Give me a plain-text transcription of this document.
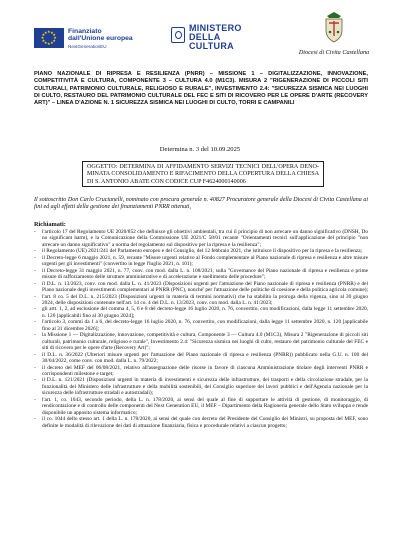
★
★
★
★
★
★
★
★
★ ★ ★
★ Finanziato
dall'Unione europea
NextGenerationEU
MINISTERO
DELLA
CULTURA
Diocesi di Civita Castellana
PIANO NAZIONALE DI RIPRESA E RESILIENZA (PNRR) – MISSIONE 1 – DIGITALIZZAZIONE, INNOVAZIONE, COMPETITIVITÀ E CULTURA, COMPONENTE 3 – CULTURA 4.0 (M1C3). MISURA 2 "RIGENERAZIONE DI PICCOLI SITI CULTURALI, PATRIMONIO CULTURALE, RELIGIOSO E RURALE", INVESTIMENTO 2.4: "SICUREZZA SISMICA NEI LUOGHI DI CULTO, RESTAURO DEL PATRIMONIO CULTURALE DEL FEC E SITI DI RICOVERO PER LE OPERE D'ARTE (RECOVERY ART)" – LINEA D'AZIONE N. 1 SICUREZZA SISMICA NEI LUOGHI DI CULTO, TORRI E CAMPANILI
Determina n. 3 del 10.09.2025
OGGETTO: DETERMINA DI AFFIDAMENTO SERVIZI TECNICI DELL'OPERA DENO-MINATA CONSOLIDAMENTO E RIFACIMENTO DELLA COPERTURA DELLA CHIESA DI S. ANTONIO ABATE CON CODICE CUP F4624000140006
Il sottoscritto Don Carlo Crucianelli, nominato con procura generale n. 40827 Procuratore generale della Diocesi di Civita Castellana ai fini ed agli effetti della gestione dei finanziamenti PNRR ottenuti,
Richiamati:
- l'articolo 17 del Regolamento UE 2020/852 che definisce gli obiettivi ambientali, tra cui il principio di non arrecare un danno significativo (DNSH, Do no significant harm), e la Comunicazione della Commissione UE 2021/C 58/01 recante "Orientamenti tecnici sull'applicazione del principio "non arrecare un danno significativo" a norma del regolamento sul dispositivo per la ripresa e la resilienza";
- il Regolamento (UE) 2021/241 del Parlamento europeo e del Consiglio, del 12 febbraio 2021, che istituisce il dispositivo per la ripresa e la resilienza;
- il Decreto-legge 6 maggio 2021, n. 59, recante "Misure urgenti relative al Fondo complementare al Piano nazionale di ripresa e resilienza e altre misure urgenti per gli investimenti" (convertito in legge l'luglio 2021, n. 101);
- il Decreto-legge 31 maggio 2021, n. 77, conv. con mod. dalla L. n. 108/2021, sulla "Governance del Piano nazionale di ripresa e resilienza e prime misure di rafforzamento delle strutture amministrative e di accelerazione e snellimento delle procedure";
- il D.L. n. 13/2023, conv. con mod. dalla L. n. 41/2023 (Disposizioni urgenti per l'attuazione del Piano nazionale di ripresa e resilienza (PNRR) e del Piano nazionale degli investimenti complementari al PNRR (PNC), nonché' per l'attuazione delle politiche di coesione e della politica agricola comune);
- l'art. 8 co. 5 del D.L. n. 215/2023 (Disposizioni urgenti in materia di termini normativi) che ha stabilito la proroga della vigenza, sino al 30 giugno 2024, delle disposizioni contenute nell'art. 14 co. 4 del D.L. n. 13/2023, conv. con mod. dalla L. n. 41/2023;
- gli artt. 1, 2, ad esclusione del comma 4, 5, 6 e 8 del decreto-legge 16 luglio 2020, n. 76, convertito, con modificazioni, dalla legge 11 settembre 2020, n. 120 [applicabili fino al 30 giugno 2024];
- l'articolo 3, commi da 1 a 6, del decreto-legge 16 luglio 2020, n. 76, convertito, con modificazioni, dalla legge 11 settembre 2020, n. 120 [applicabile fino al 31 dicembre 2026];
- la Missione 1 — Digitalizzazione, innovazione, competitività e cultura, Componente 3 — Cultura 4.0 (M1C3), Misura 2 "Rigenerazione di piccoli siti culturali, patrimonio culturale, religioso e rurale", Investimento 2.4: "Sicurezza sismica nei luoghi di culto, restauro del patrimonio culturale del FEC e siti di ricovero per le opere d'arte (Recovery Art)";
- il D.L. n. 36/2022 (Ulteriori misure urgenti per l'attuazione del Piano nazionale di ripresa e resilienza (PNRR)) pubblicato nella G.U. n. 100 del 30/04/2022, come conv. con mod. dalla L. n. 79/2022;
- il decreto del MEF del 06/08/2021, relativo all'assegnazione delle risorse in favore di ciascuna Amministrazione titolare degli interventi PNRR e corrispondenti milestone e target;
- il D.L. n. 121/2021 (Disposizioni urgenti in materia di investimenti e sicurezza delle infrastrutture, dei trasporti e della circolazione stradale, per la funzionalità del Ministero delle infrastrutture e della mobilità sostenibili, del Consiglio superiore dei lavori pubblici e dell'Agenzia nazionale per la sicurezza delle infrastrutture stradali e autostradali);
- l'art. 1, co. 1043, secondo periodo, della L. n. 178/2020, ai sensi del quale al fine di supportare le attività di gestione, di monitoraggio, di rendicontazione e di controllo delle componenti del Next Generation EU, il MEF – Dipartimento della Ragioneria generale dello Stato sviluppa e rende disponibile un apposito sistema informatico;
- il co. 1044 dello stesso art. 1 della L. n. 178/2020, ai sensi del quale con decreto del Presidente del Consiglio dei Ministri, su proposta del MEF, sono definite le modalità di rilevazione dei dati di attuazione finanziaria, fisica e procedurale relativi a ciascun progetto;
